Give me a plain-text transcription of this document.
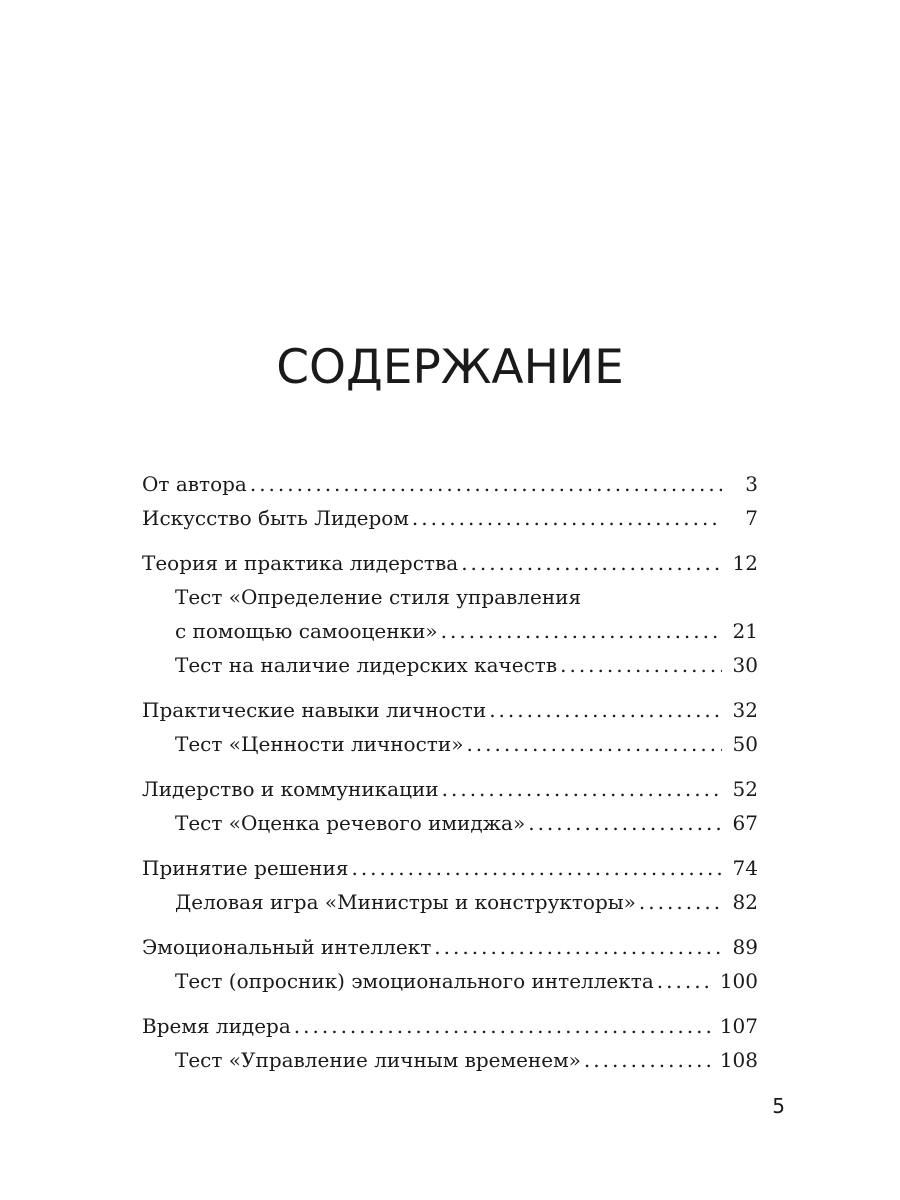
СОДЕРЖАНИЕ
От автора .....	3
Искусство быть Лидером .....	7
Теория и практика лидерства .....	12
Тест «Определение стиля управления
с помощью самооценки» .....	21
Тест на наличие лидерских качеств .....	30
Практические навыки личности .....	32
Тест «Ценности личности» .....	50
Лидерство и коммуникации .....	52
Тест «Оценка речевого имиджа» .....	67
Принятие решения .....	74
Деловая игра «Министры и конструкторы» .....	82
Эмоциональный интеллект .....	89
Тест (опросник) эмоционального интеллекта .....	100
Время лидера .....	107
Тест «Управление личным временем» .....	108
5
